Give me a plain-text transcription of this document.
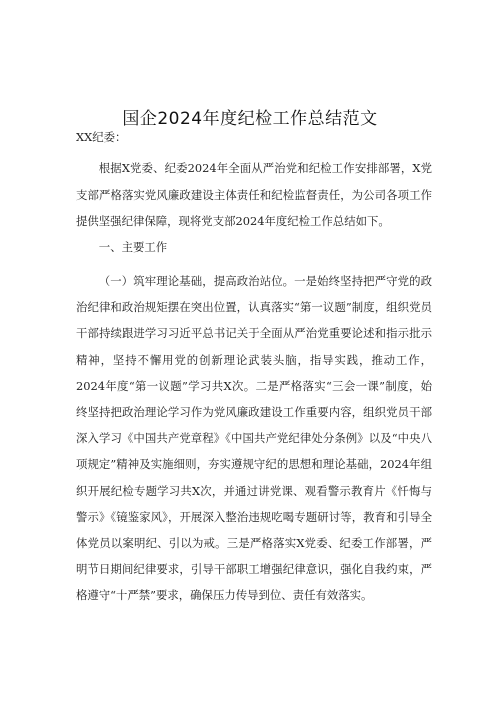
国企2024年度纪检工作总结范文

XX纪委：

根据X党委、纪委2024年全面从严治党和纪检工作安排部署，X党支部严格落实党风廉政建设主体责任和纪检监督责任，为公司各项工作提供坚强纪律保障，现将党支部2024年度纪检工作总结如下。

一、主要工作

（一）筑牢理论基础，提高政治站位。一是始终坚持把严守党的政治纪律和政治规矩摆在突出位置，认真落实“第一议题”制度，组织党员干部持续跟进学习习近平总书记关于全面从严治党重要论述和指示批示精神，坚持不懈用党的创新理论武装头脑，指导实践，推动工作，2024年度“第一议题”学习共X次。二是严格落实“三会一课”制度，始终坚持把政治理论学习作为党风廉政建设工作重要内容，组织党员干部深入学习《中国共产党章程》《中国共产党纪律处分条例》以及“中央八项规定”精神及实施细则，夯实遵规守纪的思想和理论基础，2024年组织开展纪检专题学习共X次，并通过讲党课、观看警示教育片《忏悔与警示》《镜鉴家风》，开展深入整治违规吃喝专题研讨等，教育和引导全体党员以案明纪、引以为戒。三是严格落实X党委、纪委工作部署，严明节日期间纪律要求，引导干部职工增强纪律意识，强化自我约束，严格遵守“十严禁”要求，确保压力传导到位、责任有效落实。
